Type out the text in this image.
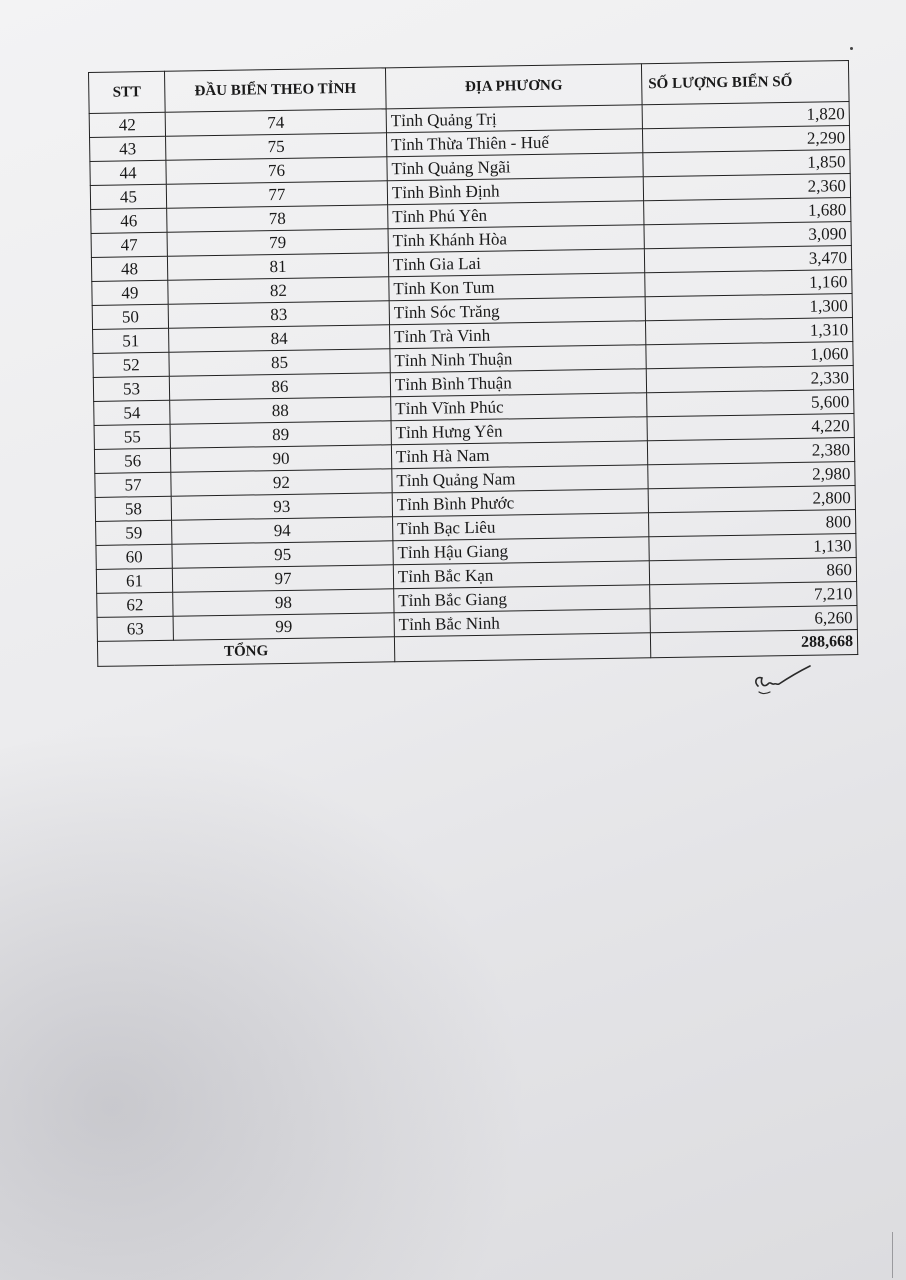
STT	ĐẦU BIỂN THEO TỈNH	ĐỊA PHƯƠNG	SỐ LƯỢNG BIỂN SỐ
42	74	Tỉnh Quảng Trị	1,820
43	75	Tỉnh Thừa Thiên - Huế	2,290
44	76	Tỉnh Quảng Ngãi	1,850
45	77	Tỉnh Bình Định	2,360
46	78	Tỉnh Phú Yên	1,680
47	79	Tỉnh Khánh Hòa	3,090
48	81	Tỉnh Gia Lai	3,470
49	82	Tỉnh Kon Tum	1,160
50	83	Tỉnh Sóc Trăng	1,300
51	84	Tỉnh Trà Vinh	1,310
52	85	Tỉnh Ninh Thuận	1,060
53	86	Tỉnh Bình Thuận	2,330
54	88	Tỉnh Vĩnh Phúc	5,600
55	89	Tỉnh Hưng Yên	4,220
56	90	Tỉnh Hà Nam	2,380
57	92	Tỉnh Quảng Nam	2,980
58	93	Tỉnh Bình Phước	2,800
59	94	Tỉnh Bạc Liêu	800
60	95	Tỉnh Hậu Giang	1,130
61	97	Tỉnh Bắc Kạn	860
62	98	Tỉnh Bắc Giang	7,210
63	99	Tỉnh Bắc Ninh	6,260
TỔNG			288,668
